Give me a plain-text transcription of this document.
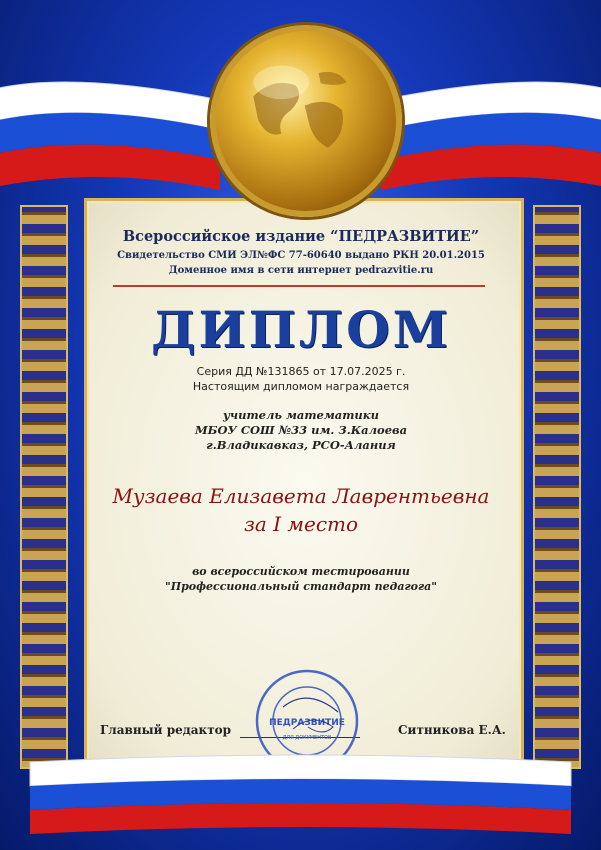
Всероссийское издание “ПЕДРАЗВИТИЕ”
Свидетельство СМИ ЭЛ№ФС 77-60640 выдано РКН 20.01.2015
Доменное имя в сети интернет pedrazvitie.ru
ДИПЛОМ
Серия ДД №131865 от 17.07.2025 г.
Настоящим дипломом награждается
учитель математики
МБОУ СОШ №33 им. З.Калоева
г.Владикавказ, РСО-Алания
Музаева Елизавета Лаврентьевна
за I место
во всероссийском тестировании
"Профессиональный стандарт педагога"
Главный редактор	Ситникова Е.А.
ПЕДРАЗВИТИЕ
ДЛЯ ДОКУМЕНТОВ
